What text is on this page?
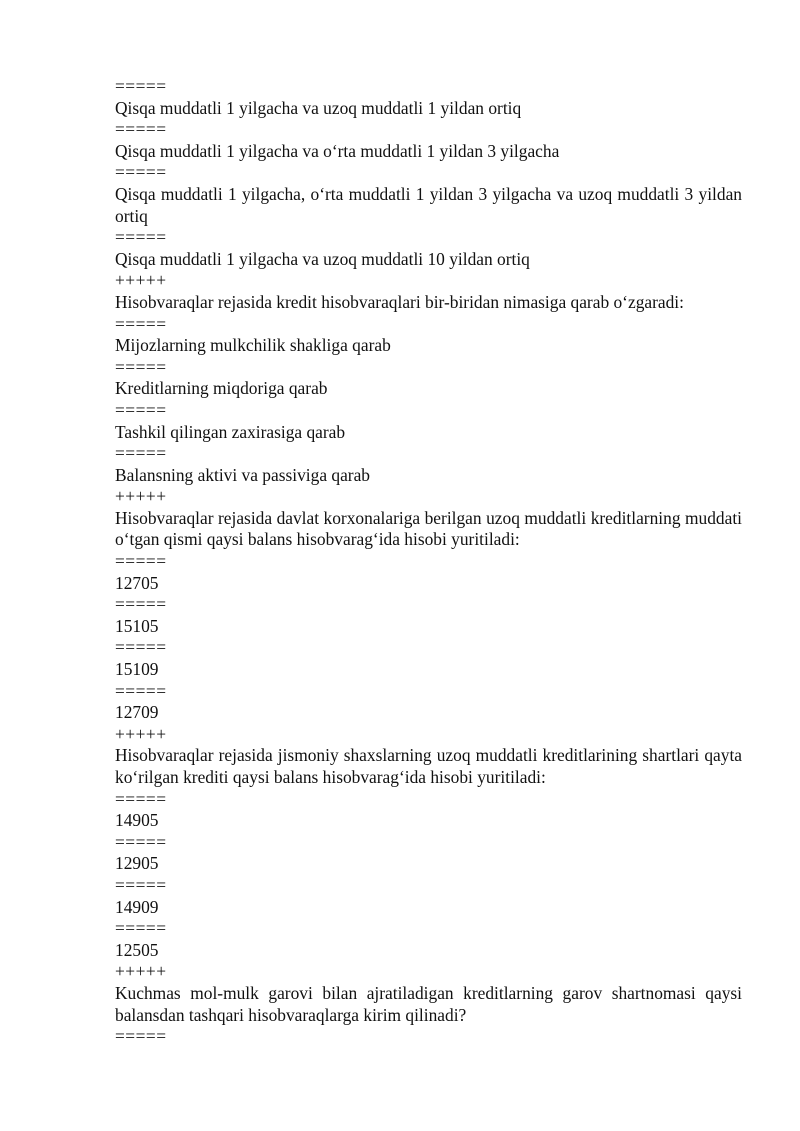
=====

Qisqa muddatli 1 yilgacha va uzoq muddatli 1 yildan ortiq

=====

Qisqa muddatli 1 yilgacha va o‘rta muddatli 1 yildan 3 yilgacha

=====

Qisqa muddatli 1 yilgacha, o‘rta muddatli 1 yildan 3 yilgacha va uzoq muddatli 3 yildan ortiq

=====

Qisqa muddatli 1 yilgacha va uzoq muddatli 10 yildan ortiq

+++++

Hisobvaraqlar rejasida kredit hisobvaraqlari bir-biridan nimasiga qarab o‘zgaradi:

=====

Mijozlarning mulkchilik shakliga qarab

=====

Kreditlarning miqdoriga qarab

=====

Tashkil qilingan zaxirasiga qarab

=====

Balansning aktivi va passiviga qarab

+++++

Hisobvaraqlar rejasida davlat korxonalariga berilgan uzoq muddatli kreditlarning muddati o‘tgan qismi qaysi balans hisobvarag‘ida hisobi yuritiladi:

=====

12705

=====

15105

=====

15109

=====

12709

+++++

Hisobvaraqlar rejasida jismoniy shaxslarning uzoq muddatli kreditlarining shartlari qayta ko‘rilgan krediti qaysi balans hisobvarag‘ida hisobi yuritiladi:

=====

14905

=====

12905

=====

14909

=====

12505

+++++

Kuchmas mol-mulk garovi bilan ajratiladigan kreditlarning garov shartnomasi qaysi balansdan tashqari hisobvaraqlarga kirim qilinadi?

=====
